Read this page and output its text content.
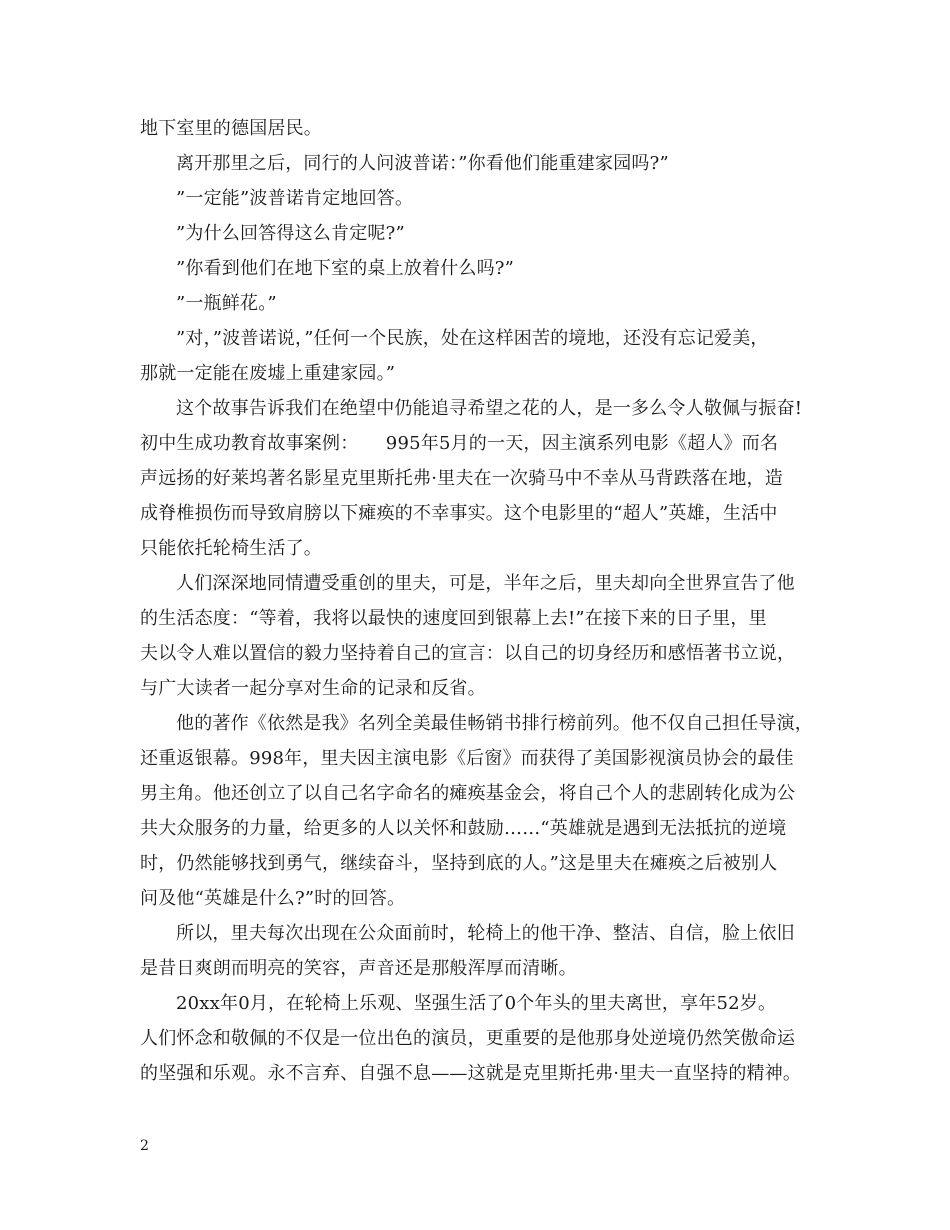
地下室里的德国居民。
离开那里之后，同行的人问波普诺：”你看他们能重建家园吗?”
”一定能”波普诺肯定地回答。
”为什么回答得这么肯定呢?”
”你看到他们在地下室的桌上放着什么吗?”
”一瓶鲜花。”
”对，”波普诺说，”任何一个民族，处在这样困苦的境地，还没有忘记爱美，
那就一定能在废墟上重建家园。”
这个故事告诉我们在绝望中仍能追寻希望之花的人，是一多么令人敬佩与振奋!
初中生成功教育故事案例：　　995年5月的一天，因主演系列电影《超人》而名
声远扬的好莱坞著名影星克里斯托弗·里夫在一次骑马中不幸从马背跌落在地，造
成脊椎损伤而导致肩膀以下瘫痪的不幸事实。这个电影里的“超人”英雄，生活中
只能依托轮椅生活了。
人们深深地同情遭受重创的里夫，可是，半年之后，里夫却向全世界宣告了他
的生活态度：“等着，我将以最快的速度回到银幕上去!”在接下来的日子里，里
夫以令人难以置信的毅力坚持着自己的宣言：以自己的切身经历和感悟著书立说，
与广大读者一起分享对生命的记录和反省。
他的著作《依然是我》名列全美最佳畅销书排行榜前列。他不仅自己担任导演，
还重返银幕。998年，里夫因主演电影《后窗》而获得了美国影视演员协会的最佳
男主角。他还创立了以自己名字命名的瘫痪基金会，将自己个人的悲剧转化成为公
共大众服务的力量，给更多的人以关怀和鼓励……“英雄就是遇到无法抵抗的逆境
时，仍然能够找到勇气，继续奋斗，坚持到底的人。”这是里夫在瘫痪之后被别人
问及他“英雄是什么?”时的回答。
所以，里夫每次出现在公众面前时，轮椅上的他干净、整洁、自信，脸上依旧
是昔日爽朗而明亮的笑容，声音还是那般浑厚而清晰。
20xx年0月，在轮椅上乐观、坚强生活了0个年头的里夫离世，享年52岁。
人们怀念和敬佩的不仅是一位出色的演员，更重要的是他那身处逆境仍然笑傲命运
的坚强和乐观。永不言弃、自强不息——这就是克里斯托弗·里夫一直坚持的精神。
2
